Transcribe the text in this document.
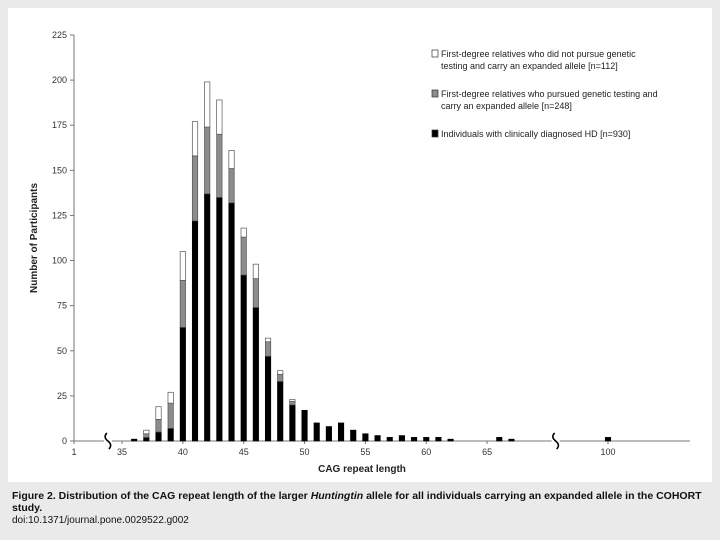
0
25
50
75
100
125
150
175
200
225
1	35	40	45	50	55	60	65	100
CAG repeat length
Number of Participants
First-degree relatives who did not pursue genetic
testing and carry an expanded allele [n=112]
First-degree relatives who pursued genetic testing and
carry an expanded allele [n=248]
Individuals with clinically diagnosed HD [n=930]
Figure 2. Distribution of the CAG repeat length of the larger Huntingtin allele for all individuals carrying an expanded allele in the COHORT study.
doi:10.1371/journal.pone.0029522.g002
